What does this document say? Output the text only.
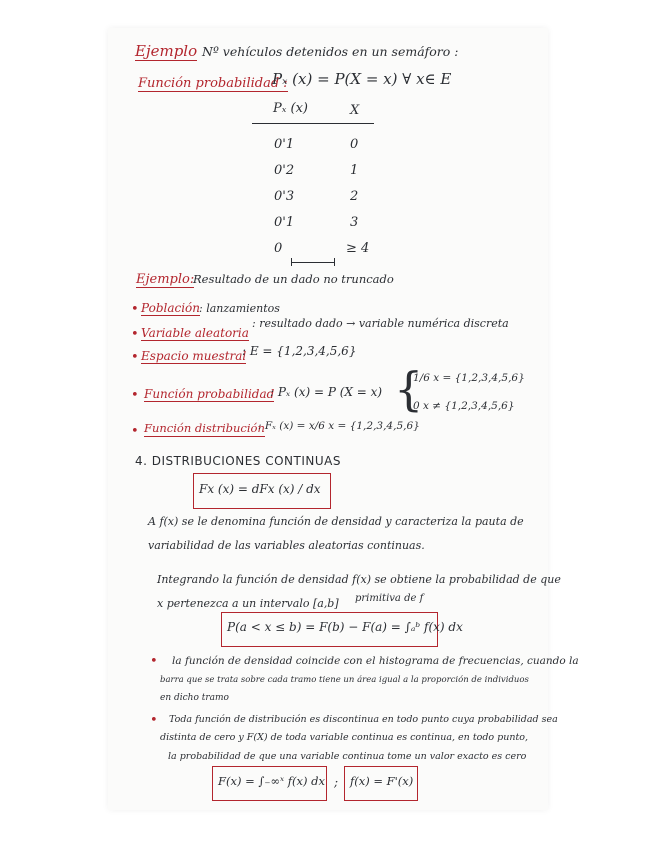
Ejemplo Nº vehículos detenidos en un semáforo :
Función probabilidad :
Pₓ (x) = P(X = x) ∀ x∈ E
Pₓ (x)	X
0'1	0
0'2	1
0'3	2
0'1	3
0	≥ 4
Ejemplo:
Resultado de un dado no truncado
• Población : lanzamientos
• Variable aleatoria
: resultado dado → variable numérica discreta
• Espacio muestral
: E = {1,2,3,4,5,6}
• Función probabilidad
: Pₓ (x) = P (X = x) {
1/6 x = {1,2,3,4,5,6}
0 x ≠ {1,2,3,4,5,6}
• Función distribución
: Fₓ (x) = x/6 x = {1,2,3,4,5,6}
4. DISTRIBUCIONES CONTINUAS
Fx (x) = dFx (x) / dx
A f(x) se le denomina función de densidad y caracteriza la pauta de
variabilidad de las variables aleatorias continuas.
Integrando la función de densidad f(x) se obtiene la probabilidad de que
x pertenezca a un intervalo [a,b] primitiva de f
P(a < x ≤ b) = F(b) − F(a) = ∫ₐᵇ f(x) dx
• la función de densidad coincide con el histograma de frecuencias, cuando la
barra que se trata sobre cada tramo tiene un área igual a la proporción de individuos
en dicho tramo
• Toda función de distribución es discontinua en todo punto cuya probabilidad sea
distinta de cero y F(X) de toda variable continua es continua, en todo punto,
la probabilidad de que una variable continua tome un valor exacto es cero
F(x) = ∫₋∞ˣ f(x) dx ; f(x) = F'(x)
